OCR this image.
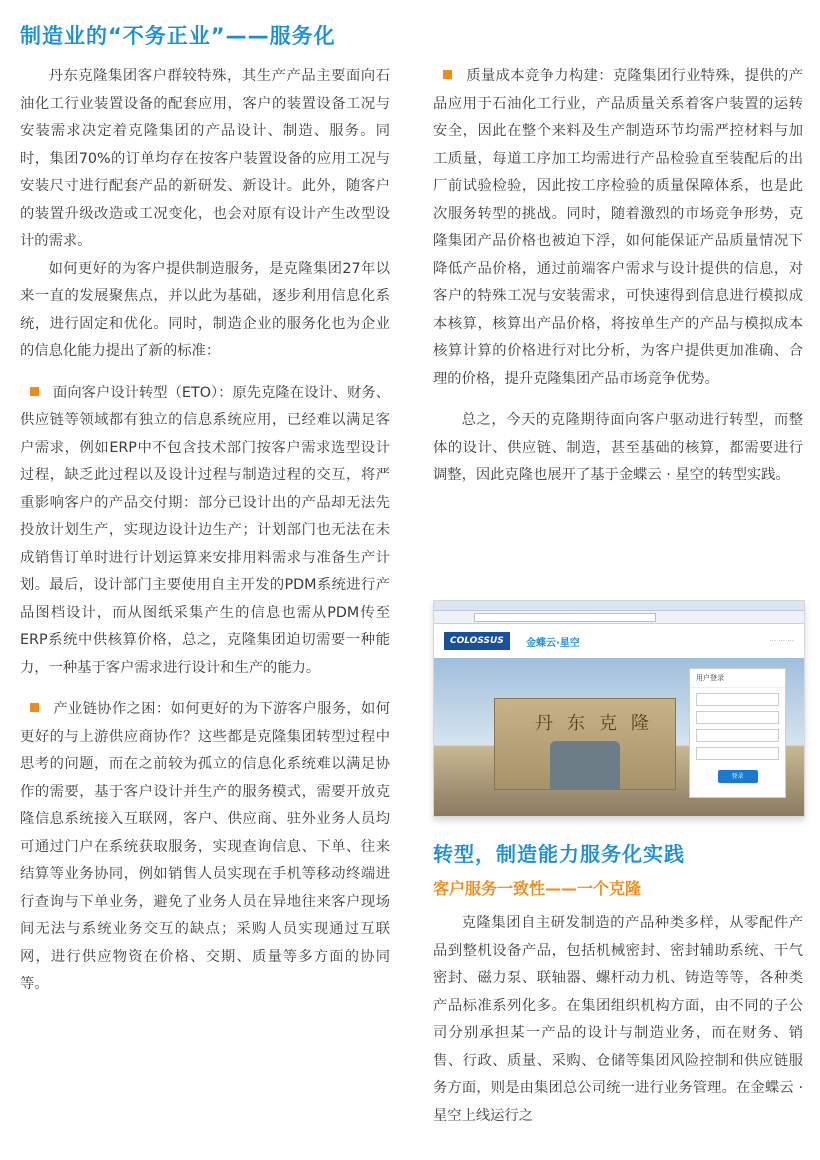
制造业的“不务正业”——服务化

丹东克隆集团客户群较特殊，其生产产品主要面向石油化工行业装置设备的配套应用，客户的装置设备工况与安装需求决定着克隆集团的产品设计、制造、服务。同时，集团70%的订单均存在按客户装置设备的应用工况与安装尺寸进行配套产品的新研发、新设计。此外，随客户的装置升级改造或工况变化，也会对原有设计产生改型设计的需求。

如何更好的为客户提供制造服务，是克隆集团27年以来一直的发展聚焦点，并以此为基础，逐步利用信息化系统，进行固定和优化。同时，制造企业的服务化也为企业的信息化能力提出了新的标准：

面向客户设计转型（ETO）：原先克隆在设计、财务、供应链等领域都有独立的信息系统应用，已经难以满足客户需求，例如ERP中不包含技术部门按客户需求选型设计过程，缺乏此过程以及设计过程与制造过程的交互，将严重影响客户的产品交付期：部分已设计出的产品却无法先投放计划生产，实现边设计边生产；计划部门也无法在未成销售订单时进行计划运算来安排用料需求与准备生产计划。最后，设计部门主要使用自主开发的PDM系统进行产品图档设计，而从图纸采集产生的信息也需从PDM传至ERP系统中供核算价格，总之，克隆集团迫切需要一种能力，一种基于客户需求进行设计和生产的能力。

产业链协作之困：如何更好的为下游客户服务，如何更好的与上游供应商协作？这些都是克隆集团转型过程中思考的问题，而在之前较为孤立的信息化系统难以满足协作的需要，基于客户设计并生产的服务模式，需要开放克隆信息系统接入互联网，客户、供应商、驻外业务人员均可通过门户在系统获取服务，实现查询信息、下单、往来结算等业务协同，例如销售人员实现在手机等移动终端进行查询与下单业务，避免了业务人员在异地往来客户现场间无法与系统业务交互的缺点；采购人员实现通过互联网，进行供应物资在价格、交期、质量等多方面的协同等。

质量成本竞争力构建：克隆集团行业特殊，提供的产品应用于石油化工行业，产品质量关系着客户装置的运转安全，因此在整个来料及生产制造环节均需严控材料与加工质量，每道工序加工均需进行产品检验直至装配后的出厂前试验检验，因此按工序检验的质量保障体系，也是此次服务转型的挑战。同时，随着激烈的市场竞争形势，克隆集团产品价格也被迫下浮，如何能保证产品质量情况下降低产品价格，通过前端客户需求与设计提供的信息，对客户的特殊工况与安装需求，可快速得到信息进行模拟成本核算，核算出产品价格，将按单生产的产品与模拟成本核算计算的价格进行对比分析，为客户提供更加准确、合理的价格，提升克隆集团产品市场竞争优势。

总之，今天的克隆期待面向客户驱动进行转型，而整体的设计、供应链、制造，甚至基础的核算，都需要进行调整，因此克隆也展开了基于金蝶云 · 星空的转型实践。

COLOSSUS	金蝶云·星空	··· ··· ···
丹东克隆
用户登录
登录
转型，制造能力服务化实践
客户服务一致性——一个克隆

克隆集团自主研发制造的产品种类多样，从零配件产品到整机设备产品，包括机械密封、密封辅助系统、干气密封、磁力泵、联轴器、螺杆动力机、铸造等等，各种类产品标准系列化多。在集团组织机构方面，由不同的子公司分别承担某一产品的设计与制造业务，而在财务、销售、行政、质量、采购、仓储等集团风险控制和供应链服务方面，则是由集团总公司统一进行业务管理。在金蝶云 · 星空上线运行之
